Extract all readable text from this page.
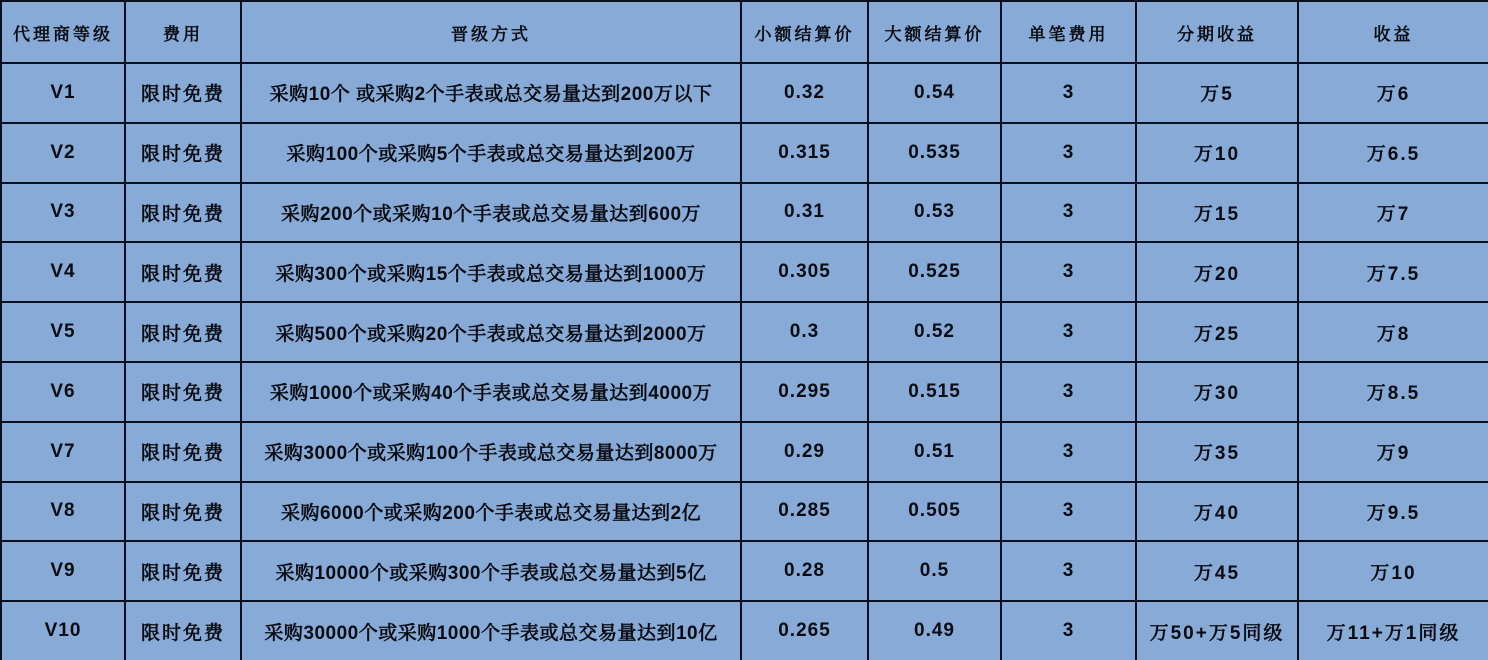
代理商等级	费用	晋级方式	小额结算价	大额结算价	单笔费用	分期收益	收益
V1	限时免费	采购10个 或采购2个手表或总交易量达到200万以下	0.32	0.54	3	万5	万6
V2	限时免费	采购100个或采购5个手表或总交易量达到200万	0.315	0.535	3	万10	万6.5
V3	限时免费	采购200个或采购10个手表或总交易量达到600万	0.31	0.53	3	万15	万7
V4	限时免费	采购300个或采购15个手表或总交易量达到1000万	0.305	0.525	3	万20	万7.5
V5	限时免费	采购500个或采购20个手表或总交易量达到2000万	0.3	0.52	3	万25	万8
V6	限时免费	采购1000个或采购40个手表或总交易量达到4000万	0.295	0.515	3	万30	万8.5
V7	限时免费	采购3000个或采购100个手表或总交易量达到8000万	0.29	0.51	3	万35	万9
V8	限时免费	采购6000个或采购200个手表或总交易量达到2亿	0.285	0.505	3	万40	万9.5
V9	限时免费	采购10000个或采购300个手表或总交易量达到5亿	0.28	0.5	3	万45	万10
V10	限时免费	采购30000个或采购1000个手表或总交易量达到10亿	0.265	0.49	3	万50+万5同级	万11+万1同级
